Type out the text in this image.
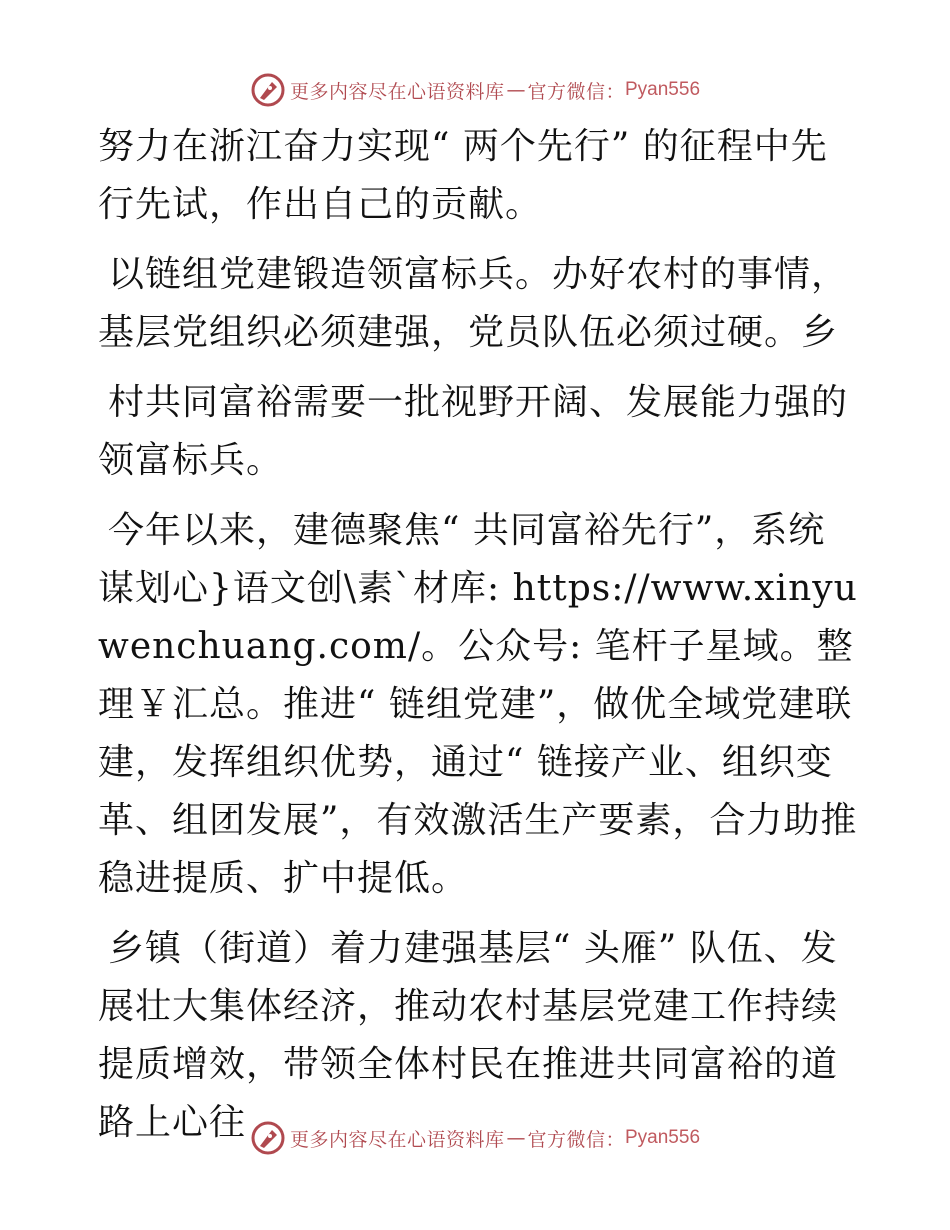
更多内容尽在心语资料库 — 官方微信： Pyan556

努力在浙江奋力实现“ 两个先行” 的征程中先行先试，作出自己的贡献。

以链组党建锻造领富标兵。办好农村的事情，基层党组织必须建强，党员队伍必须过硬。乡

村共同富裕需要一批视野开阔、发展能力强的领富标兵。

今年以来，建德聚焦“ 共同富裕先行”，系统谋划心}语文创\素`材库: https://www.xinyuwenchuang.com/。公众号: 笔杆子星域。整理￥汇总。推进“ 链组党建”，做优全域党建联建，发挥组织优势，通过“ 链接产业、组织变革、组团发展”，有效激活生产要素，合力助推稳进提质、扩中提低。

乡镇（街道）着力建强基层“ 头雁” 队伍、发展壮大集体经济，推动农村基层党建工作持续提质增效，带领全体村民在推进共同富裕的道路上心往	更多内容尽在心语资料库 — 官方微信： Pyan556
